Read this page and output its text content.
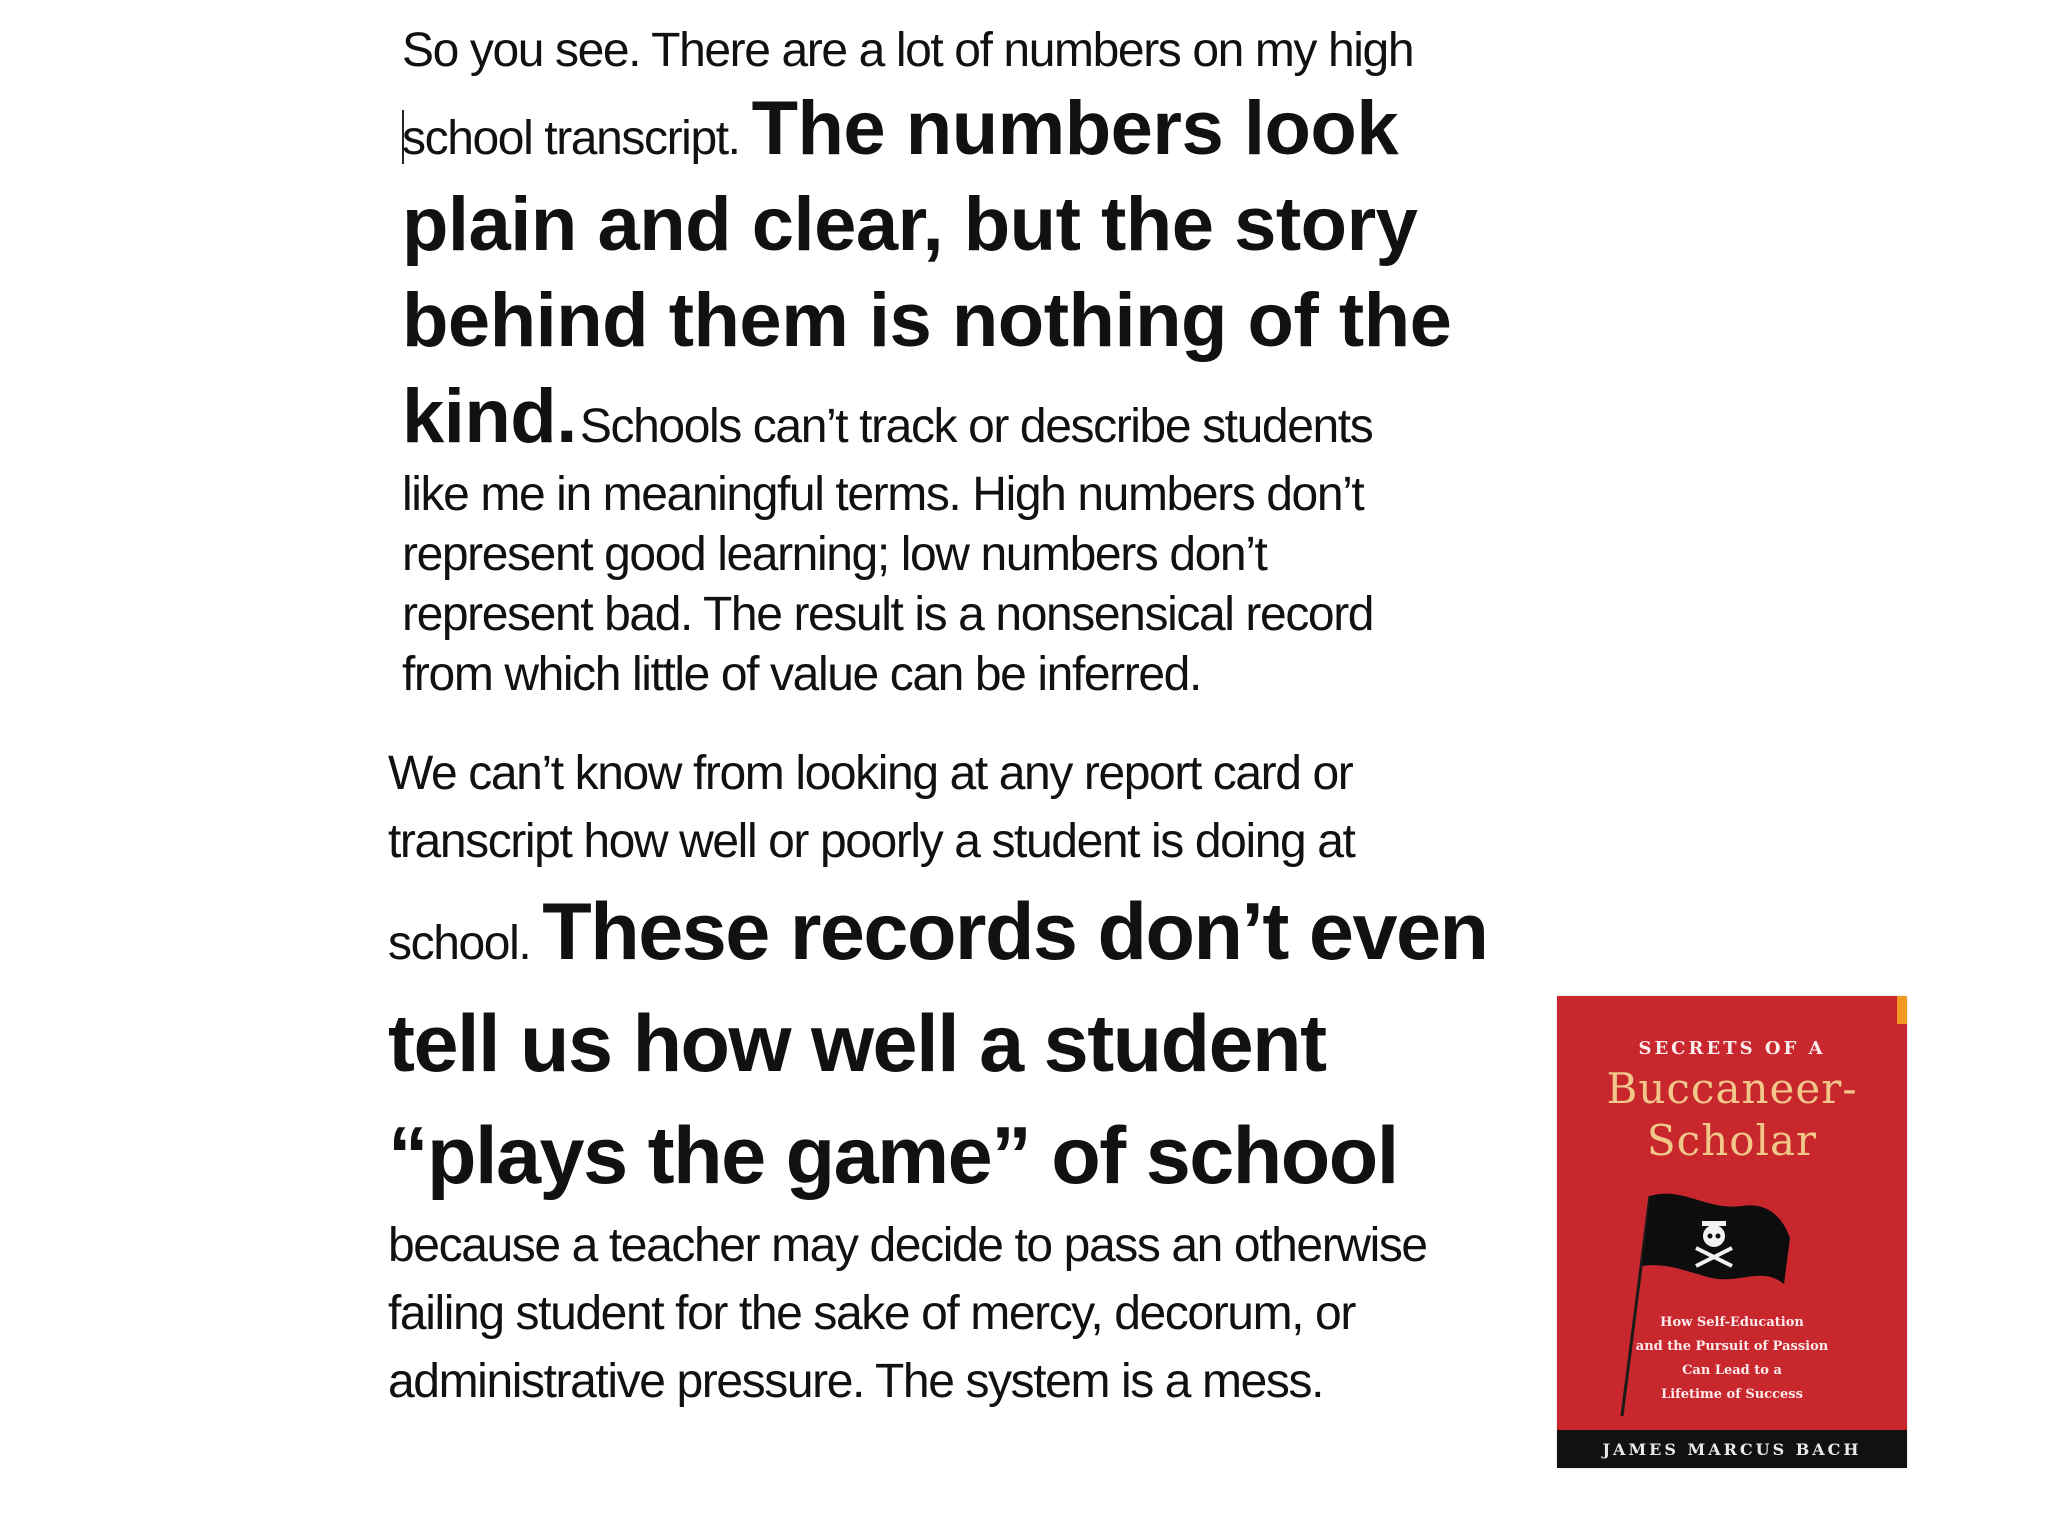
So you see. There are a lot of numbers on my high
school transcript. The numbers look plain and clear, but the story behind them is nothing of the kind. Schools can’t track or describe students
like me in meaningful terms. High numbers don’t
represent good learning; low numbers don’t
represent bad. The result is a nonsensical record
from which little of value can be inferred.
We can’t know from looking at any report card or
transcript how well or poorly a student is doing at
school. These records don’t even tell us how well a student “plays the game” of school
because a teacher may decide to pass an otherwise
failing student for the sake of mercy, decorum, or
administrative pressure. The system is a mess.
SECRETS OF A
Buccaneer-
Scholar
How Self-Education
and the Pursuit of Passion
Can Lead to a
Lifetime of Success
JAMES MARCUS BACH
